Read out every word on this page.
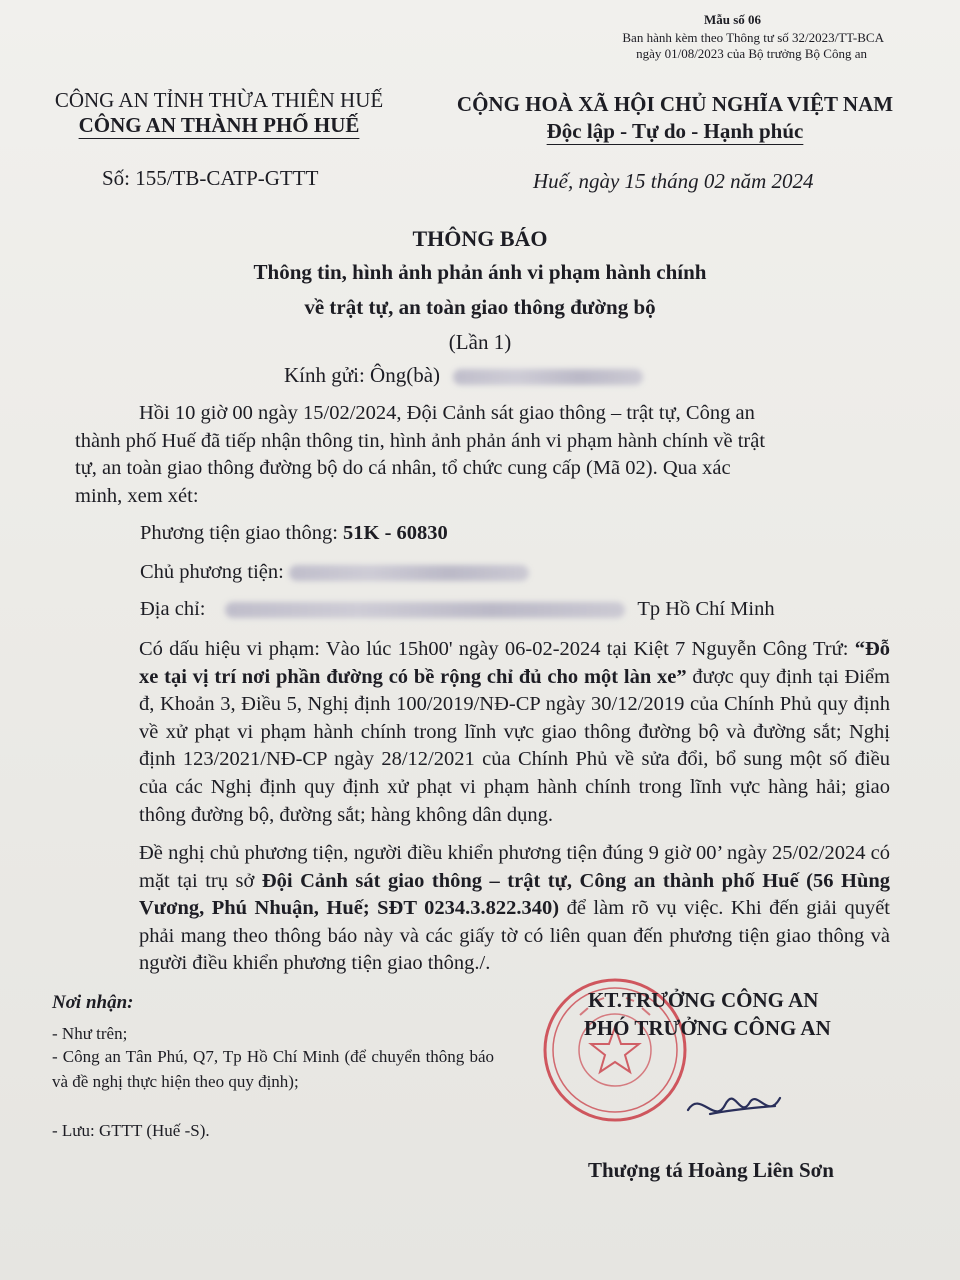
Mẫu số 06
Ban hành kèm theo Thông tư số 32/2023/TT-BCA
ngày 01/08/2023 của Bộ trưởng Bộ Công an
CÔNG AN TỈNH THỪA THIÊN HUẾ
CÔNG AN THÀNH PHỐ HUẾ
CỘNG HOÀ XÃ HỘI CHỦ NGHĨA VIỆT NAM
Độc lập - Tự do - Hạnh phúc
Số: 155/TB-CATP-GTTT	Huế, ngày 15 tháng 02 năm 2024
THÔNG BÁO
Thông tin, hình ảnh phản ánh vi phạm hành chính
về trật tự, an toàn giao thông đường bộ
(Lần 1)
Kính gửi: Ông(bà)
Hồi 10 giờ 00 ngày 15/02/2024, Đội Cảnh sát giao thông – trật tự, Công an
thành phố Huế đã tiếp nhận thông tin, hình ảnh phản ánh vi phạm hành chính về trật
tự, an toàn giao thông đường bộ do cá nhân, tổ chức cung cấp (Mã 02). Qua xác
minh, xem xét:
Phương tiện giao thông: 51K - 60830
Chủ phương tiện:
Địa chỉ:	Tp Hồ Chí Minh
Có dấu hiệu vi phạm: Vào lúc 15h00' ngày 06-02-2024 tại Kiệt 7 Nguyễn Công Trứ: “Đỗ xe tại vị trí nơi phần đường có bề rộng chỉ đủ cho một làn xe” được quy định tại Điểm đ, Khoản 3, Điều 5, Nghị định 100/2019/NĐ-CP ngày 30/12/2019 của Chính Phủ quy định về xử phạt vi phạm hành chính trong lĩnh vực giao thông đường bộ và đường sắt; Nghị định 123/2021/NĐ-CP ngày 28/12/2021 của Chính Phủ về sửa đổi, bổ sung một số điều của các Nghị định quy định xử phạt vi phạm hành chính trong lĩnh vực hàng hải; giao thông đường bộ, đường sắt; hàng không dân dụng.
Đề nghị chủ phương tiện, người điều khiển phương tiện đúng 9 giờ 00’ ngày 25/02/2024 có mặt tại trụ sở Đội Cảnh sát giao thông – trật tự, Công an thành phố Huế (56 Hùng Vương, Phú Nhuận, Huế; SĐT 0234.3.822.340) để làm rõ vụ việc. Khi đến giải quyết phải mang theo thông báo này và các giấy tờ có liên quan đến phương tiện giao thông và người điều khiển phương tiện giao thông./.
Nơi nhận:
- Như trên;
- Công an Tân Phú, Q7, Tp Hồ Chí Minh (để chuyển thông báo và đề nghị thực hiện theo quy định);
- Lưu: GTTT (Huế -S).
KT.TRƯỞNG CÔNG AN
PHÓ TRƯỞNG CÔNG AN
Thượng tá Hoàng Liên Sơn
